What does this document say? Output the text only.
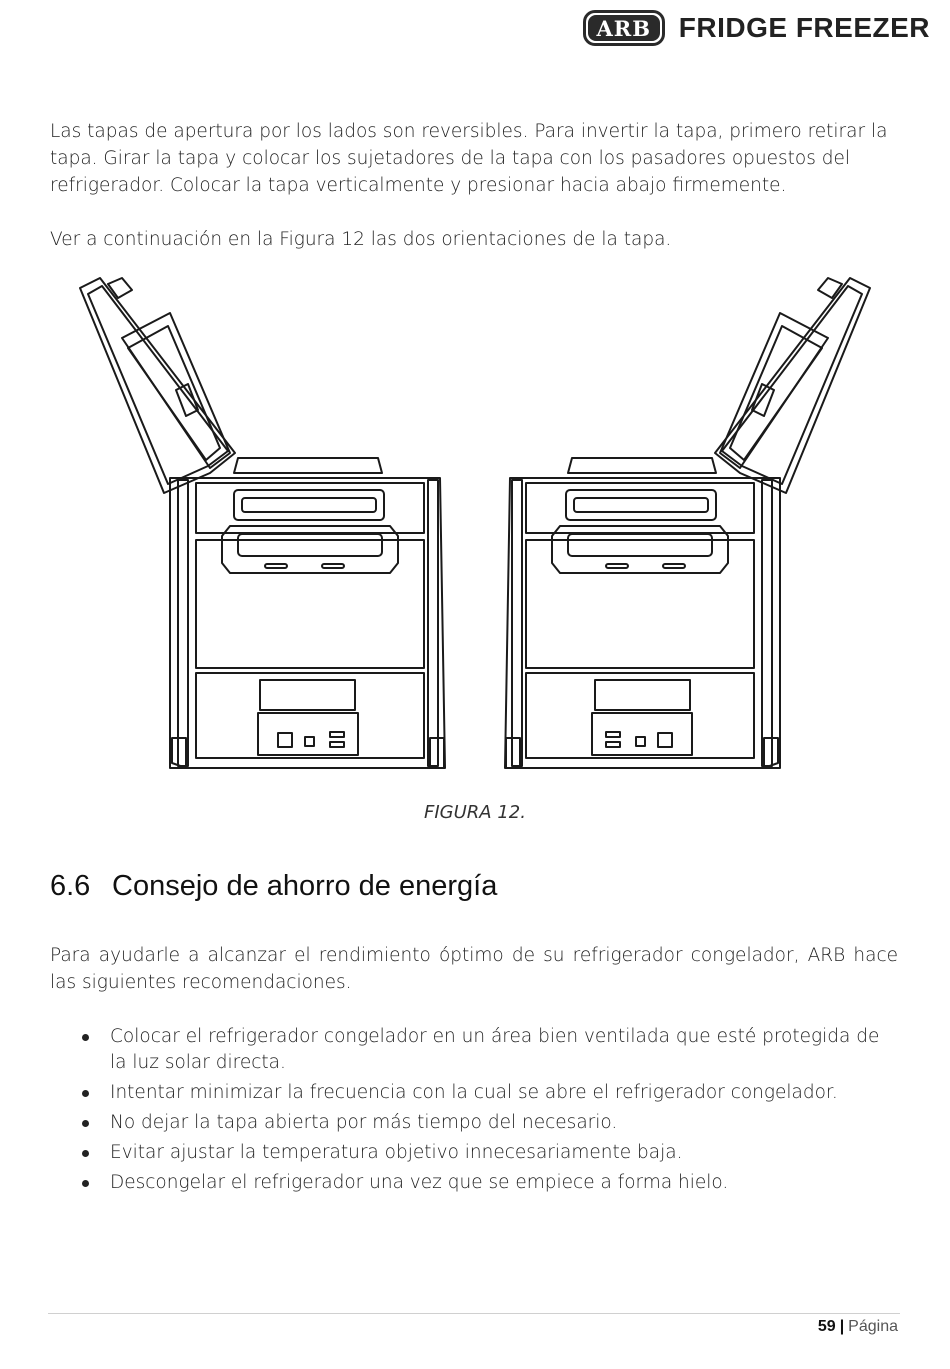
ARB FRIDGE FREEZER
Las tapas de apertura por los lados son reversibles. Para invertir la tapa, primero retirar la tapa. Girar la tapa y colocar los sujetadores de la tapa con los pasadores opuestos del refrigerador. Colocar la tapa verticalmente y presionar hacia abajo firmemente.
Ver a continuación en la Figura 12 las dos orientaciones de la tapa.
FIGURA 12.
6.6 Consejo de ahorro de energía
Para ayudarle a alcanzar el rendimiento óptimo de su refrigerador congelador, ARB hace las siguientes recomendaciones.
Colocar el refrigerador congelador en un área bien ventilada que esté protegida de la luz solar directa.
Intentar minimizar la frecuencia con la cual se abre el refrigerador congelador.
No dejar la tapa abierta por más tiempo del necesario.
Evitar ajustar la temperatura objetivo innecesariamente baja.
Descongelar el refrigerador una vez que se empiece a forma hielo.
59 | Página
